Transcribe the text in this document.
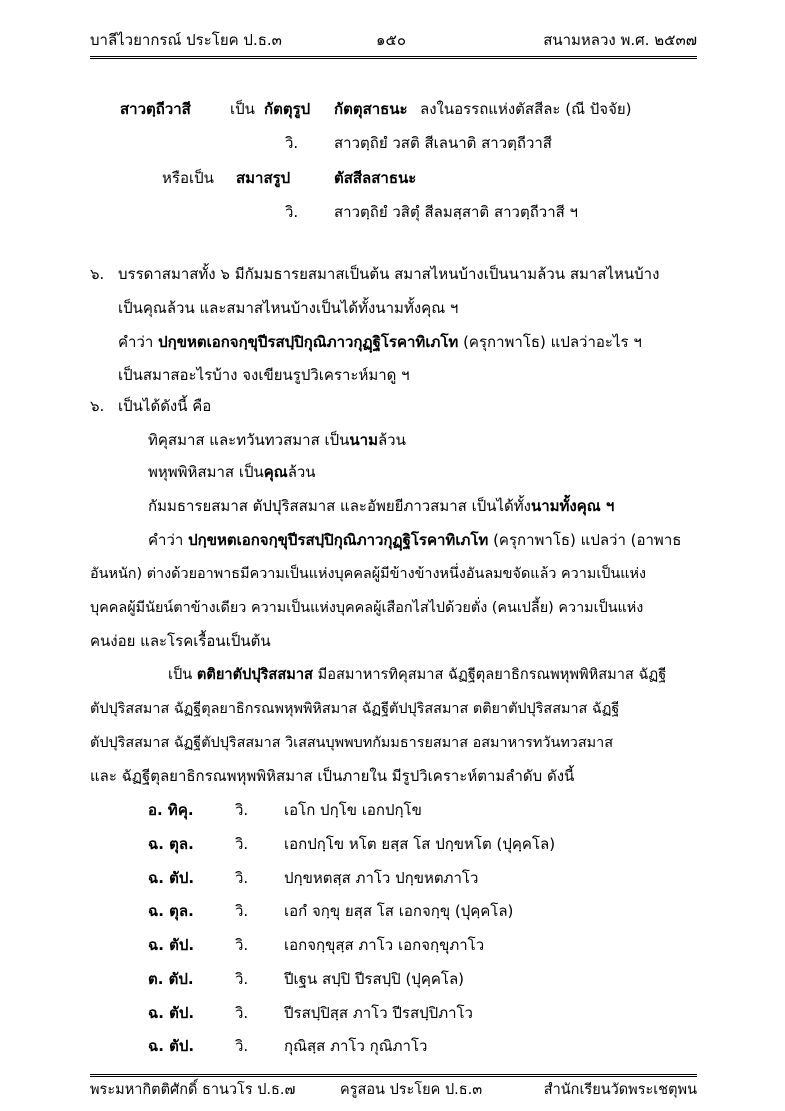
บาลีไวยากรณ์ ประโยค ป.ธ.๓	๑๕๐	สนามหลวง พ.ศ. ๒๕๓๗
สาวตฺถีวาสี	เป็น กัตตุรูป กัตตุสาธนะ ลงในอรรถแห่งตัสสีละ (ณี ปัจจัย)
วิ. สาวตฺถิยํ วสติ สีเลนาติ สาวตฺถีวาสี
หรือเป็น สมาสรูป	ตัสสีลสาธนะ
วิ. สาวตฺถิยํ วสิตุํ สีลมสฺสาติ สาวตฺถีวาสี ฯ
๖. บรรดาสมาสทั้ง ๖ มีกัมมธารยสมาสเป็นต้น สมาสไหนบ้างเป็นนามล้วน สมาสไหนบ้าง
เป็นคุณล้วน และสมาสไหนบ้างเป็นได้ทั้งนามทั้งคุณ ฯ
คำว่า ปกฺขหตเอกจกฺขุปีรสปฺปิกุณิภาวกุฏฺฐิโรคาทิเภโท (ครุกาพาโธ) แปลว่าอะไร ฯ
เป็นสมาสอะไรบ้าง จงเขียนรูปวิเคราะห์มาดู ฯ
๖. เป็นได้ดังนี้ คือ
ทิคุสมาส และทวันทวสมาส เป็นนามล้วน
พหุพพิหิสมาส เป็นคุณล้วน
กัมมธารยสมาส ตัปปุริสสมาส และอัพยยีภาวสมาส เป็นได้ทั้งนามทั้งคุณ ฯ
คำว่า ปกฺขหตเอกจกฺขุปีรสปฺปิกุณิภาวกุฏฺฐิโรคาทิเภโท (ครุกาพาโธ) แปลว่า (อาพาธ
อันหนัก) ต่างด้วยอาพาธมีความเป็นแห่งบุคคลผู้มีข้างข้างหนึ่งอันลมขจัดแล้ว ความเป็นแห่ง
บุคคลผู้มีนัยน์ตาข้างเดียว ความเป็นแห่งบุคคลผู้เสือกไสไปด้วยตั่ง (คนเปลี้ย) ความเป็นแห่ง
คนง่อย และโรคเรื้อนเป็นต้น
เป็น ตติยาตัปปุริสสมาส มีอสมาหารทิคุสมาส ฉัฏฐีตุลยาธิกรณพหุพพิหิสมาส ฉัฏฐี
ตัปปุริสสมาส ฉัฏฐีตุลยาธิกรณพหุพพิหิสมาส ฉัฏฐีตัปปุริสสมาส ตติยาตัปปุริสสมาส ฉัฏฐี
ตัปปุริสสมาส ฉัฏฐีตัปปุริสสมาส วิเสสนบุพพบทกัมมธารยสมาส อสมาหารทวันทวสมาส
และ ฉัฏฐีตุลยาธิกรณพหุพพิหิสมาส เป็นภายใน มีรูปวิเคราะห์ตามลำดับ ดังนี้
อ. ทิคุ.	วิ. เอโก ปกฺโข เอกปกฺโข
ฉ. ตุล.	วิ. เอกปกฺโข หโต ยสฺส โส ปกฺขหโต (ปุคฺคโล)
ฉ. ตัป.	วิ. ปกฺขหตสฺส ภาโว ปกฺขหตภาโว
ฉ. ตุล.	วิ. เอกํ จกฺขุ ยสฺส โส เอกจกฺขุ (ปุคฺคโล)
ฉ. ตัป.	วิ. เอกจกฺขุสฺส ภาโว เอกจกฺขุภาโว
ต. ตัป.	วิ. ปีเฐน สปฺปิ ปีรสปฺปิ (ปุคฺคโล)
ฉ. ตัป.	วิ. ปีรสปฺปิสฺส ภาโว ปีรสปฺปิภาโว
ฉ. ตัป.	วิ. กุณิสฺส ภาโว กุณิภาโว
พระมหากิตติศักดิ์ ธานวโร ป.ธ.๗	ครูสอน ประโยค ป.ธ.๓	สำนักเรียนวัดพระเชตุพน
